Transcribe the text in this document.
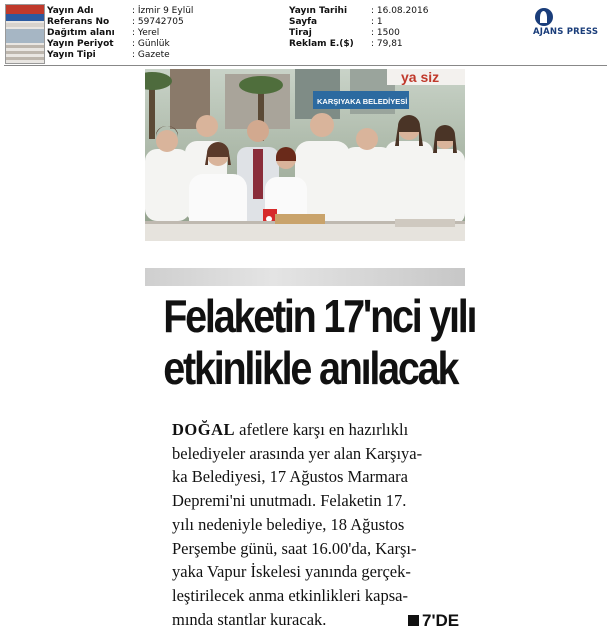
Yayın Adı	: İzmir 9 Eylül
Referans No	: 59742705
Dağıtım alanı : Yerel
Yayın Periyot : Günlük
Yayın Tipi	: Gazete
Yayın Tarihi	: 16.08.2016
Sayfa	: 1
Tiraj	: 1500
Reklam E.($) : 79,81
AJANS PRESS
ya siz
KARŞIYAKA BELEDİYESİ
Felaketin 17'nci yılı
etkinlikle anılacak
DOĞAL afetlere karşı en hazırlıklı
belediyeler arasında yer alan Karşıya-
ka Belediyesi, 17 Ağustos Marmara
Depremi'ni unutmadı. Felaketin 17.
yılı nedeniyle belediye, 18 Ağustos
Perşembe günü, saat 16.00'da, Karşı-
yaka Vapur İskelesi yanında gerçek-
leştirilecek anma etkinlikleri kapsa-
mında stantlar kuracak.	7'DE
